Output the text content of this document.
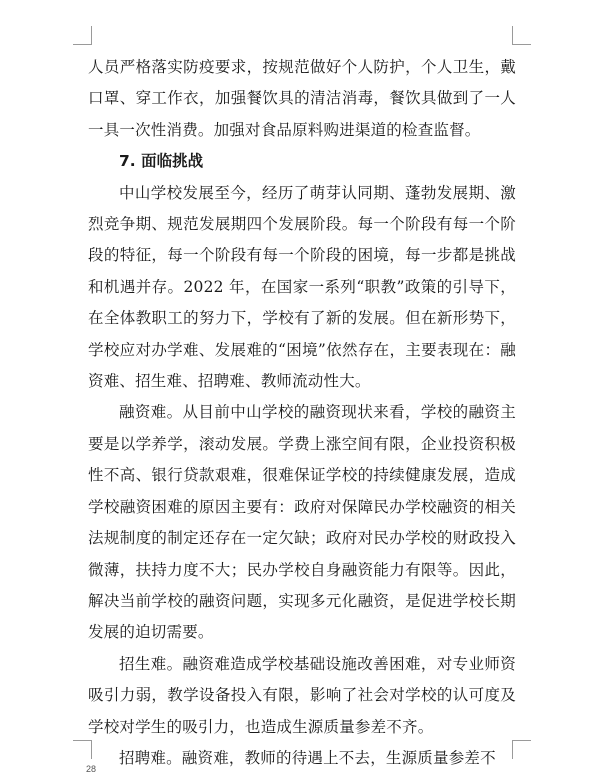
人员严格落实防疫要求，按规范做好个人防护，个人卫生，戴口罩、穿工作衣，加强餐饮具的清洁消毒，餐饮具做到了一人一具一次性消费。加强对食品原料购进渠道的检查监督。

7. 面临挑战

中山学校发展至今，经历了萌芽认同期、蓬勃发展期、激烈竞争期、规范发展期四个发展阶段。每一个阶段有每一个阶段的特征，每一个阶段有每一个阶段的困境，每一步都是挑战和机遇并存。2022 年，在国家一系列“职教”政策的引导下，在全体教职工的努力下，学校有了新的发展。但在新形势下，学校应对办学难、发展难的“困境”依然存在，主要表现在：融资难、招生难、招聘难、教师流动性大。

融资难。从目前中山学校的融资现状来看，学校的融资主要是以学养学，滚动发展。学费上涨空间有限，企业投资积极性不高、银行贷款艰难，很难保证学校的持续健康发展，造成学校融资困难的原因主要有：政府对保障民办学校融资的相关法规制度的制定还存在一定欠缺；政府对民办学校的财政投入微薄，扶持力度不大；民办学校自身融资能力有限等。因此，解决当前学校的融资问题，实现多元化融资，是促进学校长期发展的迫切需要。

招生难。融资难造成学校基础设施改善困难，对专业师资吸引力弱，教学设备投入有限，影响了社会对学校的认可度及学校对学生的吸引力，也造成生源质量参差不齐。

招聘难。融资难，教师的待遇上不去，生源质量参差不

28
